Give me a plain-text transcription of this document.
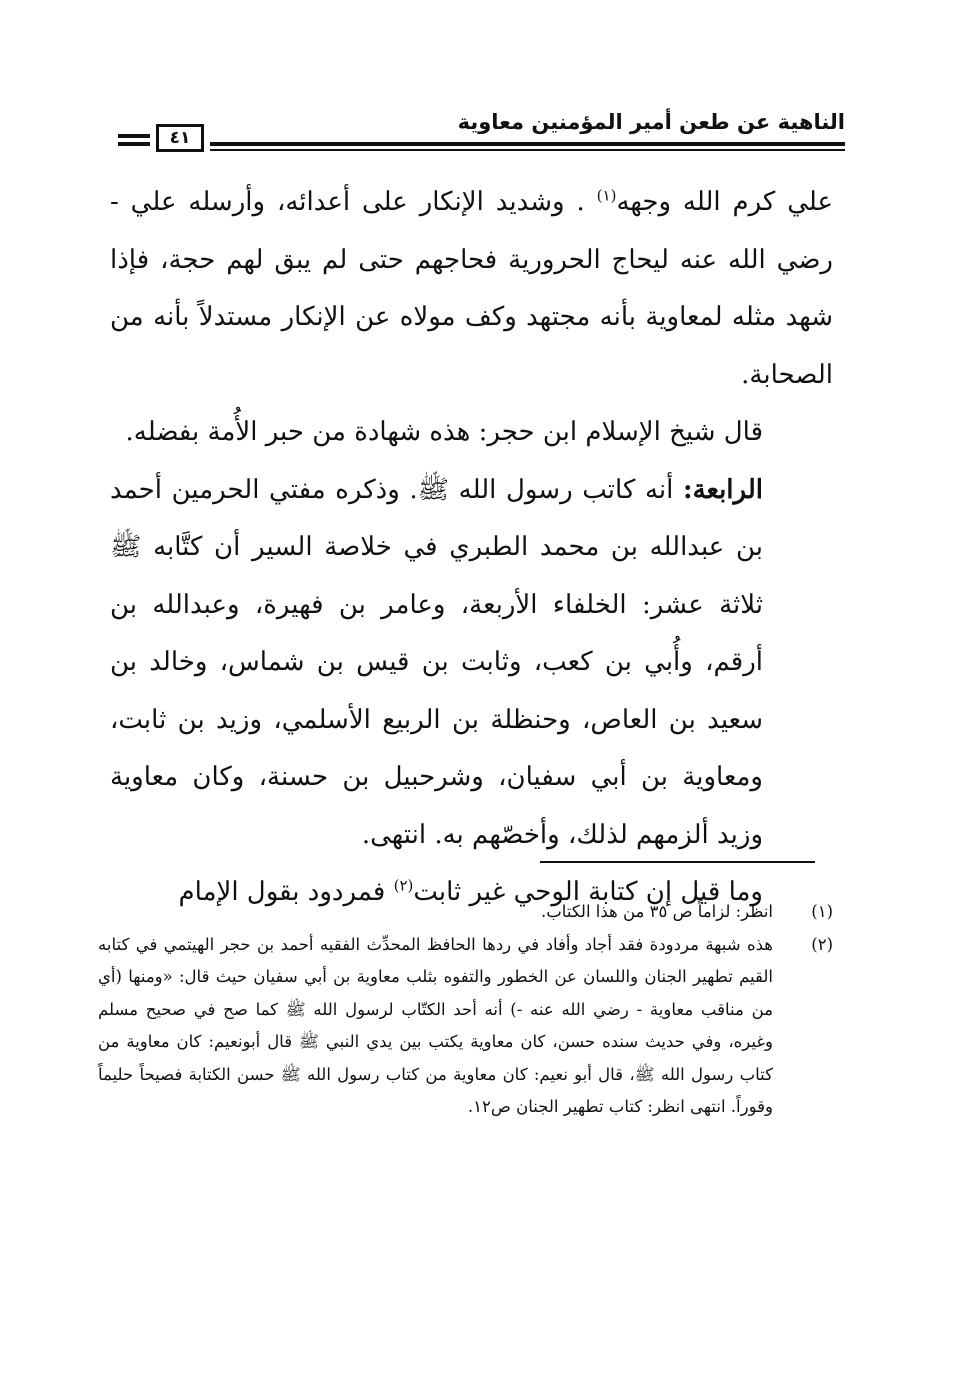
الناهية عن طعن أمير المؤمنين معاوية
٤١

علي كرم الله وجهه$^{(١)}$ . وشديد الإنكار على أعدائه، وأرسله علي - رضي الله عنه ليحاج الحرورية فحاجهم حتى لم يبق لهم حجة، فإذا شهد مثله لمعاوية بأنه مجتهد وكف مولاه عن الإنكار مستدلاً بأنه من الصحابة.

قال شيخ الإسلام ابن حجر: هذه شهادة من حبر الأُمة بفضله.

الرابعة: أنه كاتب رسول الله ﷺ. وذكره مفتي الحرمين أحمد بن عبدالله بن محمد الطبري في خلاصة السير أن كتَّابه ﷺ ثلاثة عشر: الخلفاء الأربعة، وعامر بن فهيرة، وعبدالله بن أرقم، وأُبي بن كعب، وثابت بن قيس بن شماس، وخالد بن سعيد بن العاص، وحنظلة بن الربيع الأسلمي، وزيد بن ثابت، ومعاوية بن أبي سفيان، وشرحبيل بن حسنة، وكان معاوية وزيد ألزمهم لذلك، وأخصّهم به. انتهى.

وما قيل إن كتابة الوحي غير ثابت$^{(٢)}$ فمردود بقول الإمام

(١)
انظر: لزاماً ص ٣٥ من هذا الكتاب.
(٢)
هذه شبهة مردودة فقد أجاد وأفاد في ردها الحافظ المحدِّث الفقيه أحمد بن حجر الهيتمي في كتابه القيم تطهير الجنان واللسان عن الخطور والتفوه بثلب معاوية بن أبي سفيان حيث قال: «ومنها (أي من مناقب معاوية - رضي الله عنه -) أنه أحد الكتّاب لرسول الله ﷺ كما صح في صحيح مسلم وغيره، وفي حديث سنده حسن، كان معاوية يكتب بين يدي النبي ﷺ قال أبونعيم: كان معاوية من كتاب رسول الله ﷺ، قال أبو نعيم: كان معاوية من كتاب رسول الله ﷺ حسن الكتابة فصيحاً حليماً وقوراً. انتهى انظر: كتاب تطهير الجنان ص١٢.
